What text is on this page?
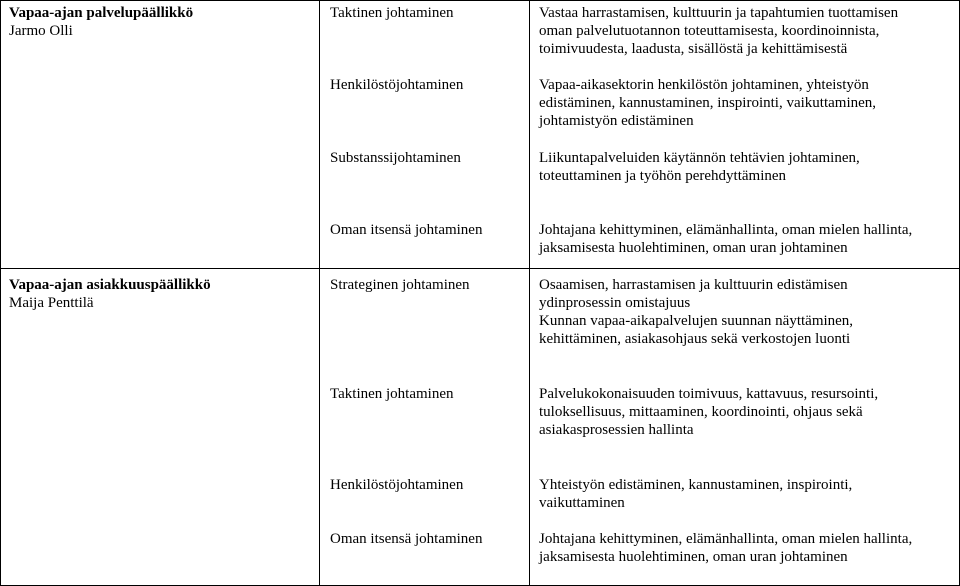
Vapaa-ajan palvelupäällikkö
Jarmo Olli
Taktinen johtaminen	Vastaa harrastamisen, kulttuurin ja tapahtumien tuottamisen
oman palvelutuotannon toteuttamisesta, koordinoinnista,
toimivuudesta, laadusta, sisällöstä ja kehittämisestä
Henkilöstöjohtaminen	Vapaa-aikasektorin henkilöstön johtaminen, yhteistyön
edistäminen, kannustaminen, inspirointi, vaikuttaminen,
johtamistyön edistäminen
Substanssijohtaminen	Liikuntapalveluiden käytännön tehtävien johtaminen,
toteuttaminen ja työhön perehdyttäminen
Oman itsensä johtaminen	Johtajana kehittyminen, elämänhallinta, oman mielen hallinta,
jaksamisesta huolehtiminen, oman uran johtaminen
Vapaa-ajan asiakkuuspäällikkö
Maija Penttilä
Strateginen johtaminen	Osaamisen, harrastamisen ja kulttuurin edistämisen
ydinprosessin omistajuus
Kunnan vapaa-aikapalvelujen suunnan näyttäminen,
kehittäminen, asiakasohjaus sekä verkostojen luonti
Taktinen johtaminen	Palvelukokonaisuuden toimivuus, kattavuus, resursointi,
tuloksellisuus, mittaaminen, koordinointi, ohjaus sekä
asiakasprosessien hallinta
Henkilöstöjohtaminen	Yhteistyön edistäminen, kannustaminen, inspirointi,
vaikuttaminen
Oman itsensä johtaminen	Johtajana kehittyminen, elämänhallinta, oman mielen hallinta,
jaksamisesta huolehtiminen, oman uran johtaminen
